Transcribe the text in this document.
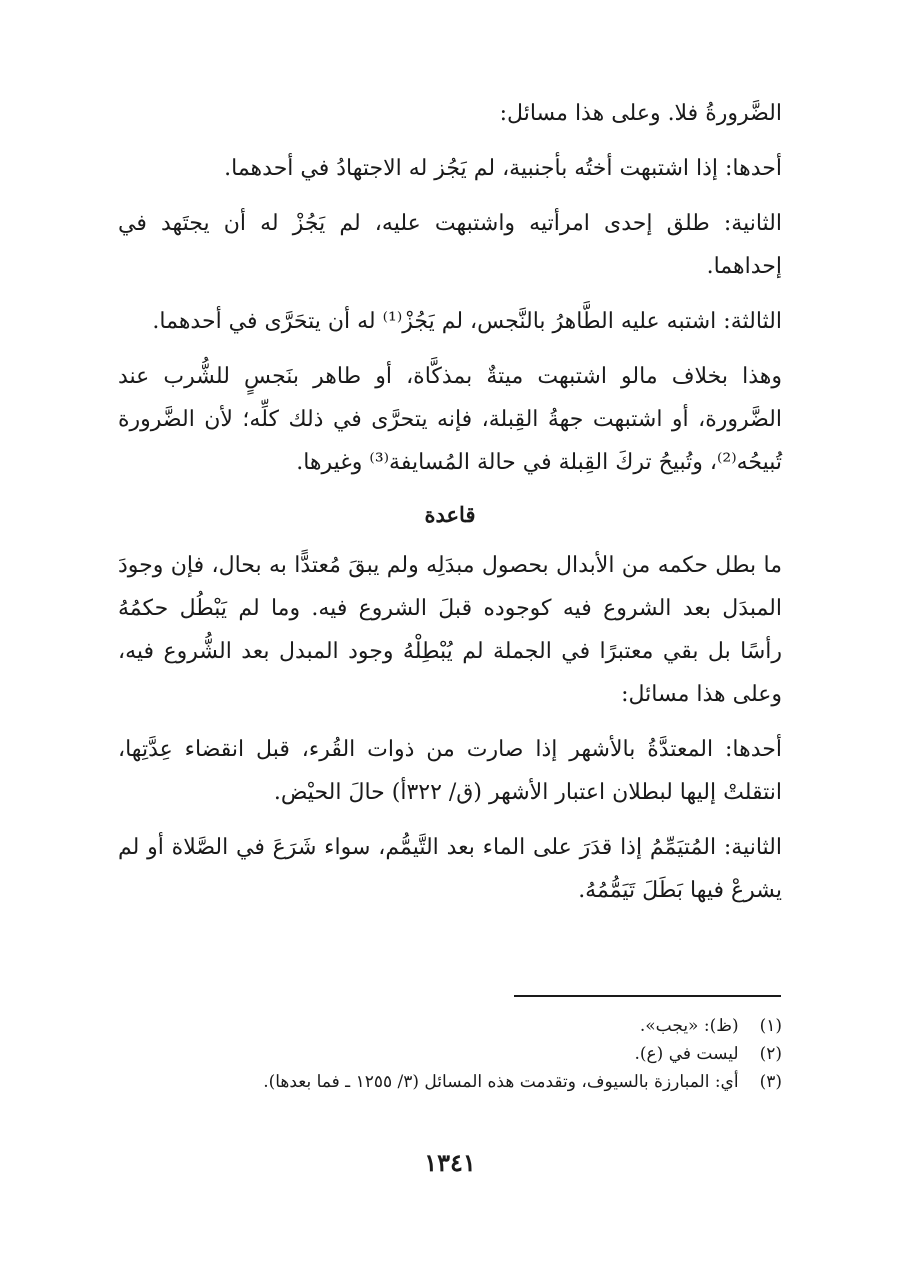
الضَّرورةُ فلا. وعلى هذا مسائل:

أحدها: إذا اشتبهت أختُه بأجنبية، لم يَجُز له الاجتهادُ في أحدهما.

الثانية: طلق إحدى امرأتيه واشتبهت عليه، لم يَجُزْ له أن يجتَهد في إحداهما.

الثالثة: اشتبه عليه الطَّاهرُ بالنَّجس، لم يَجُزْ⁽¹⁾ له أن يتحَرَّى في أحدهما.

وهذا بخلاف مالو اشتبهت ميتةٌ بمذكَّاة، أو طاهر بنَجسٍ للشُّرب عند الضَّرورة، أو اشتبهت جهةُ القِبلة، فإنه يتحرَّى في ذلك كلِّه؛ لأن الضَّرورة تُبيحُه⁽²⁾، وتُبيحُ تركَ القِبلة في حالة المُسايفة⁽³⁾ وغيرها.

قاعدة

ما بطل حكمه من الأبدال بحصول مبدَلِه ولم يبقَ مُعتدًّا به بحال، فإن وجودَ المبدَل بعد الشروع فيه كوجوده قبلَ الشروع فيه. وما لم يَبْطُل حكمُهُ رأسًا بل بقي معتبرًا في الجملة لم يُبْطِلْهُ وجود المبدل بعد الشُّروع فيه، وعلى هذا مسائل:

أحدها: المعتدَّةُ بالأشهر إذا صارت من ذوات القُرء، قبل انقضاء عِدَّتِها، انتقلتْ إليها لبطلان اعتبار الأشهر (ق/ ٣٢٢أ) حالَ الحيْض.

الثانية: المُتيَمِّمُ إذا قدَرَ على الماء بعد التَّيمُّم، سواء شَرَعَ في الصَّلاة أو لم يشرعْ فيها بَطَلَ تَيَمُّمُهُ.

(١) (ظ): «يجب».

(٢) ليست في (ع).

(٣) أي: المبارزة بالسيوف، وتقدمت هذه المسائل (٣/ ١٢٥٥ ـ فما بعدها).

١٣٤١
